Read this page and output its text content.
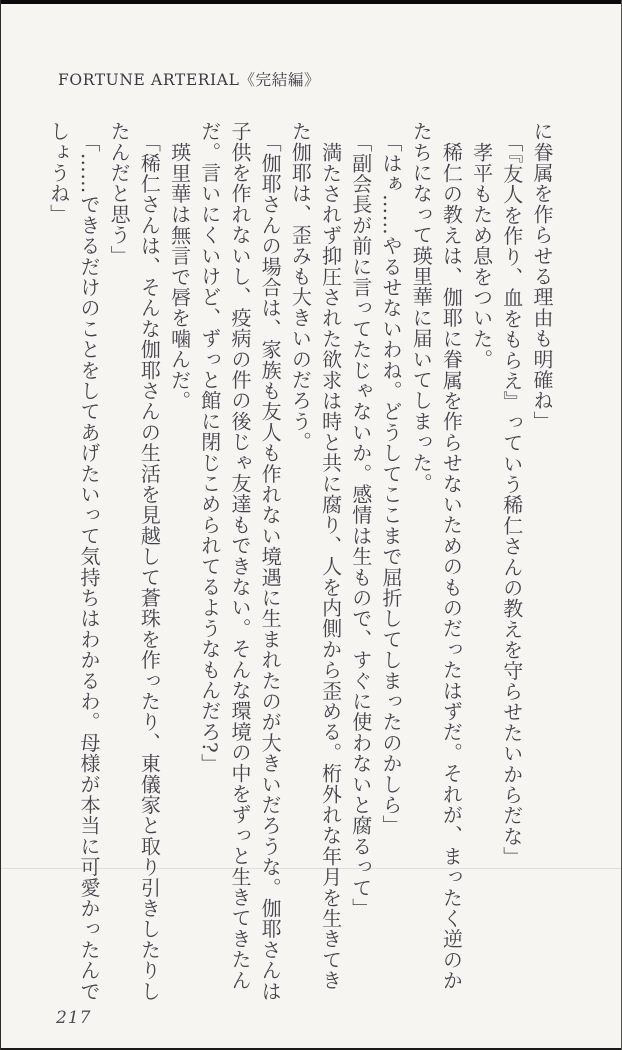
FORTUNE ARTERIAL《完結編》
に眷属を作らせる理由も明確ね」
「『友人を作り、血をもらえ』っていう稀仁さんの教えを守らせたいからだな」
孝平もため息をついた。
稀仁の教えは、伽耶に眷属を作らせないためのものだったはずだ。それが、まったく逆のか
たちになって瑛里華に届いてしまった。
「はぁ……やるせないわね。どうしてここまで屈折してしまったのかしら」
「副会長が前に言ってたじゃないか。感情は生もので、すぐに使わないと腐るって」
満たされず抑圧された欲求は時と共に腐り、人を内側から歪める。桁外れな年月を生きてき
た伽耶は、歪みも大きいのだろう。
「伽耶さんの場合は、家族も友人も作れない境遇に生まれたのが大きいだろうな。伽耶さんは
子供を作れないし、疫病の件の後じゃ友達もできない。そんな環境の中をずっと生きてきたん
だ。言いにくいけど、ずっと館に閉じこめられてるようなもんだろ?」
瑛里華は無言で唇を噛んだ。
「稀仁さんは、そんな伽耶さんの生活を見越して蒼珠を作ったり、東儀家と取り引きしたりし
たんだと思う」
「……できるだけのことをしてあげたいって気持ちはわかるわ。母様が本当に可愛かったんで
しょうね」
217
